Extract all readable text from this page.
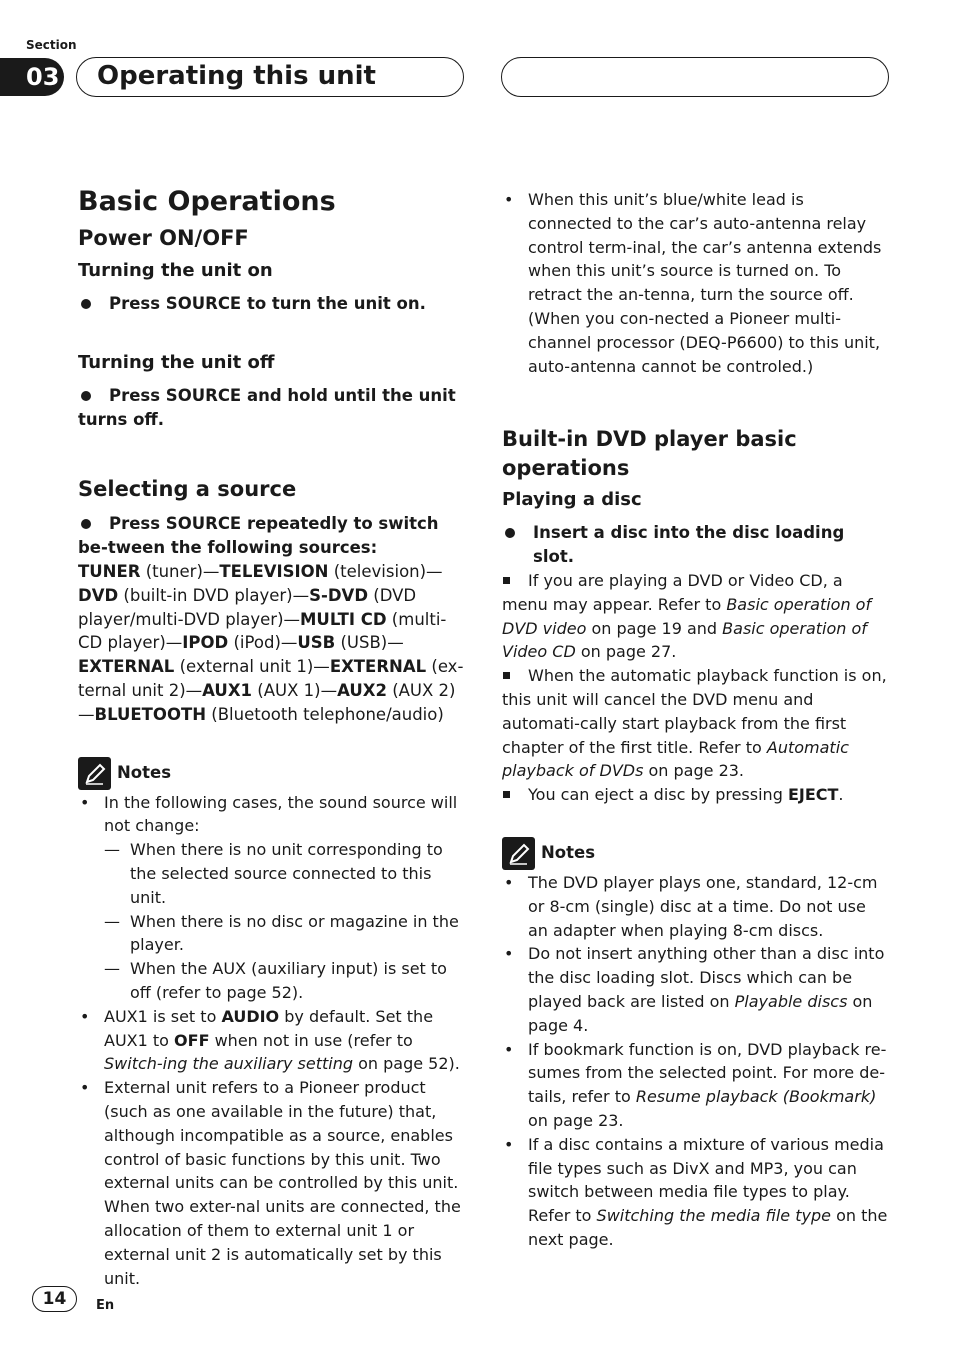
Section
03	Operating this unit
Basic Operations
Power ON/OFF
Turning the unit on

Press SOURCE to turn the unit on.

Turning the unit off

Press SOURCE and hold until the unit turns off.

Selecting a source

Press SOURCE repeatedly to switch be-tween the following sources:

TUNER (tuner)—TELEVISION (television)—DVD (built-in DVD player)—S-DVD (DVD player/multi-DVD player)—MULTI CD (multi-CD player)—IPOD (iPod)—USB (USB)—EXTERNAL (external unit 1)—EXTERNAL (ex-ternal unit 2)—AUX1 (AUX 1)—AUX2 (AUX 2) —BLUETOOTH (Bluetooth telephone/audio)

Notes

• In the following cases, the sound source will not change:

— When there is no unit corresponding to the selected source connected to this unit.

— When there is no disc or magazine in the player.

— When the AUX (auxiliary input) is set to off (refer to page 52).

• AUX1 is set to AUDIO by default. Set the AUX1 to OFF when not in use (refer to Switch-ing the auxiliary setting on page 52).

• External unit refers to a Pioneer product (such as one available in the future) that, although incompatible as a source, enables control of basic functions by this unit. Two external units can be controlled by this unit. When two exter-nal units are connected, the allocation of them to external unit 1 or external unit 2 is automatically set by this unit.

• When this unit’s blue/white lead is connected to the car’s auto-antenna relay control term-inal, the car’s antenna extends when this unit’s source is turned on. To retract the an-tenna, turn the source off. (When you con-nected a Pioneer multi-channel processor (DEQ-P6600) to this unit, auto-antenna cannot be controled.)

Built-in DVD player basic operations
Playing a disc

Insert a disc into the disc loading slot.

If you are playing a DVD or Video CD, a menu may appear. Refer to Basic operation of DVD video on page 19 and Basic operation of Video CD on page 27.

When the automatic playback function is on, this unit will cancel the DVD menu and automati-cally start playback from the first chapter of the first title. Refer to Automatic playback of DVDs on page 23.

You can eject a disc by pressing EJECT.

Notes

• The DVD player plays one, standard, 12-cm or 8-cm (single) disc at a time. Do not use an adapter when playing 8-cm discs.

• Do not insert anything other than a disc into the disc loading slot. Discs which can be played back are listed on Playable discs on page 4.

• If bookmark function is on, DVD playback re-sumes from the selected point. For more de-tails, refer to Resume playback (Bookmark) on page 23.

• If a disc contains a mixture of various media file types such as DivX and MP3, you can switch between media file types to play. Refer to Switching the media file type on the next page.

14	En
